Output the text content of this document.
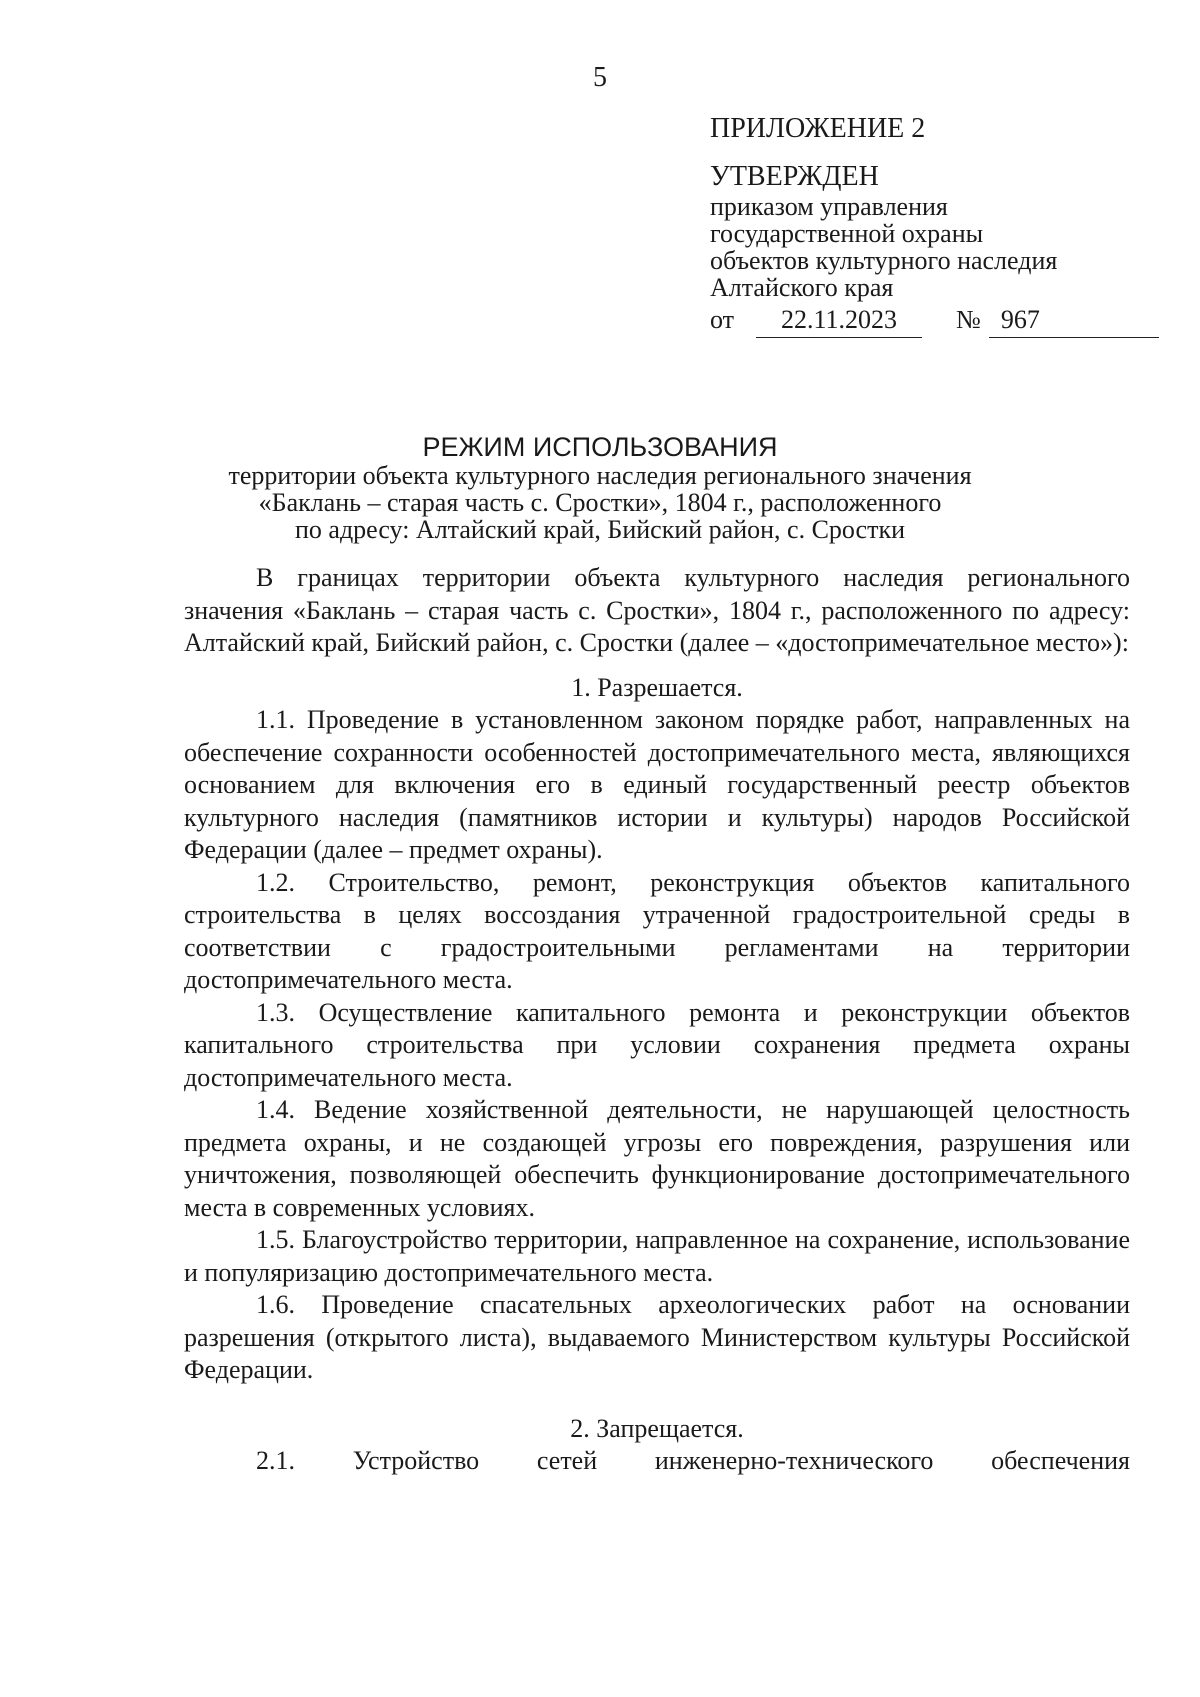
5
ПРИЛОЖЕНИЕ 2
УТВЕРЖДЕН
приказом управления
государственной охраны
объектов культурного наследия
Алтайского края
от 22.11.2023 № 967
РЕЖИМ ИСПОЛЬЗОВАНИЯ
территории объекта культурного наследия регионального значения
«Баклань – старая часть с. Сростки», 1804 г., расположенного
по адресу: Алтайский край, Бийский район, с. Сростки

В границах территории объекта культурного наследия регионального значения «Баклань – старая часть с. Сростки», 1804 г., расположенного по адресу: Алтайский край, Бийский район, с. Сростки (далее – «достопримечательное место»):

1. Разрешается.

1.1. Проведение в установленном законом порядке работ, направленных на обеспечение сохранности особенностей достопримечательного места, являющихся основанием для включения его в единый государственный реестр объектов культурного наследия (памятников истории и культуры) народов Российской Федерации (далее – предмет охраны).

1.2. Строительство, ремонт, реконструкция объектов капитального строительства в целях воссоздания утраченной градостроительной среды в соответствии с градостроительными регламентами на территории достопримечательного места.

1.3. Осуществление капитального ремонта и реконструкции объектов капитального строительства при условии сохранения предмета охраны достопримечательного места.

1.4. Ведение хозяйственной деятельности, не нарушающей целостность предмета охраны, и не создающей угрозы его повреждения, разрушения или уничтожения, позволяющей обеспечить функционирование достопримечательного места в современных условиях.

1.5. Благоустройство территории, направленное на сохранение, использование и популяризацию достопримечательного места.

1.6. Проведение спасательных археологических работ на основании разрешения (открытого листа), выдаваемого Министерством культуры Российской Федерации.

2. Запрещается.

2.1. Устройство сетей инженерно-технического обеспечения
